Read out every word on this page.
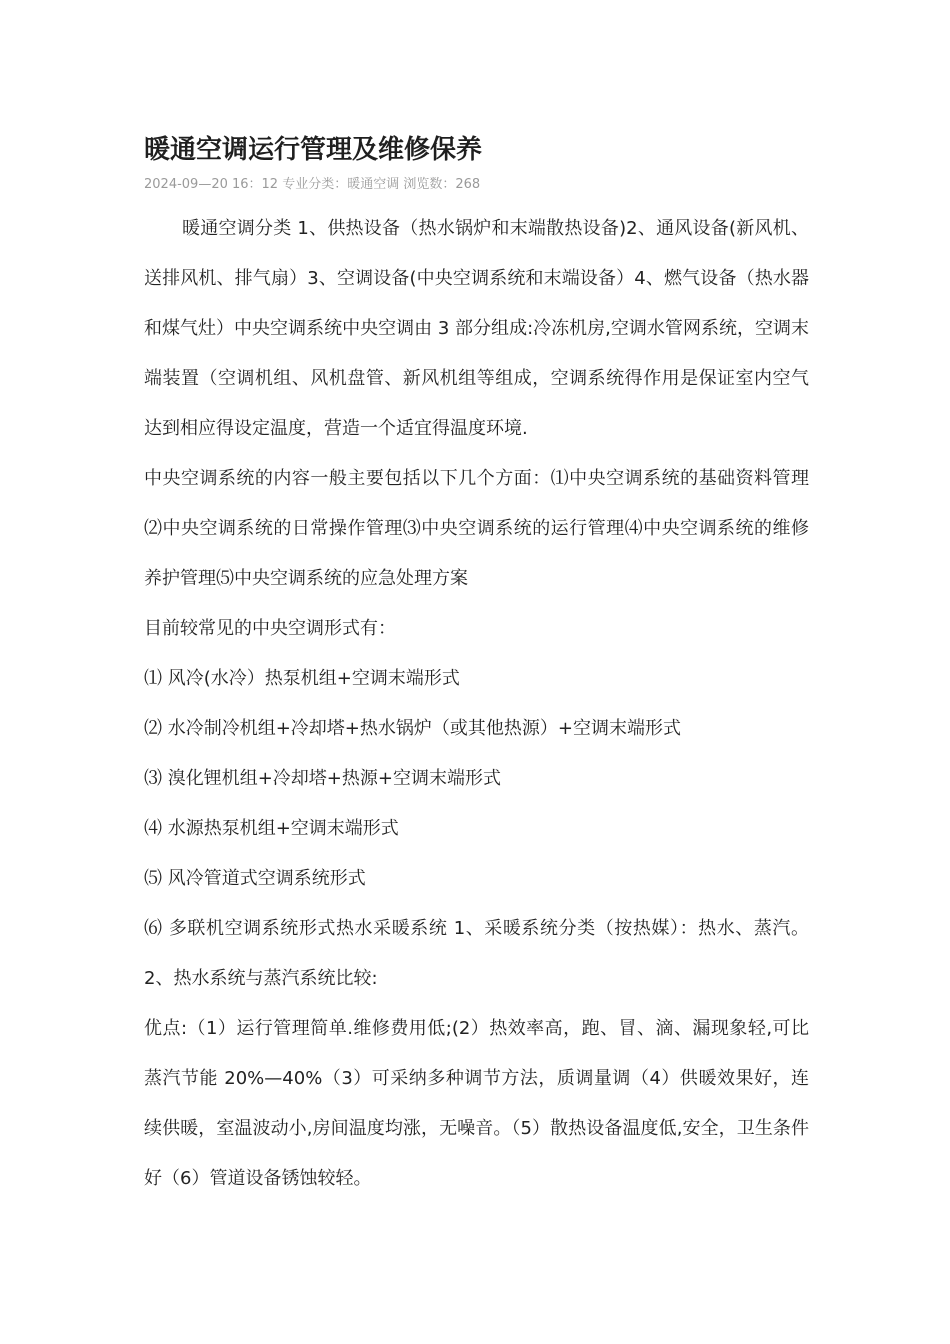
暖通空调运行管理及维修保养
2024-09—20 16：12 专业分类：暖通空调 浏览数：268

暖通空调分类 1、供热设备（热水锅炉和末端散热设备)2、通风设备(新风机、送排风机、排气扇）3、空调设备(中央空调系统和末端设备）4、燃气设备（热水器和煤气灶）中央空调系统中央空调由 3 部分组成:冷冻机房,空调水管网系统，空调末端装置（空调机组、风机盘管、新风机组等组成，空调系统得作用是保证室内空气达到相应得设定温度，营造一个适宜得温度环境.

中央空调系统的内容一般主要包括以下几个方面：⑴中央空调系统的基础资料管理⑵中央空调系统的日常操作管理⑶中央空调系统的运行管理⑷中央空调系统的维修养护管理⑸中央空调系统的应急处理方案

目前较常见的中央空调形式有：

⑴ 风冷(水冷）热泵机组+空调末端形式

⑵ 水冷制冷机组+冷却塔+热水锅炉（或其他热源）+空调末端形式

⑶ 溴化锂机组+冷却塔+热源+空调末端形式

⑷ 水源热泵机组+空调末端形式

⑸ 风冷管道式空调系统形式

⑹ 多联机空调系统形式热水采暖系统 1、采暖系统分类（按热媒）：热水、蒸汽。2、热水系统与蒸汽系统比较:

优点:（1）运行管理简单.维修费用低;(2）热效率高，跑、冒、滴、漏现象轻,可比蒸汽节能 20%—40%（3）可采纳多种调节方法，质调量调（4）供暖效果好，连续供暖，室温波动小,房间温度均涨，无噪音。（5）散热设备温度低,安全，卫生条件好（6）管道设备锈蚀较轻。
